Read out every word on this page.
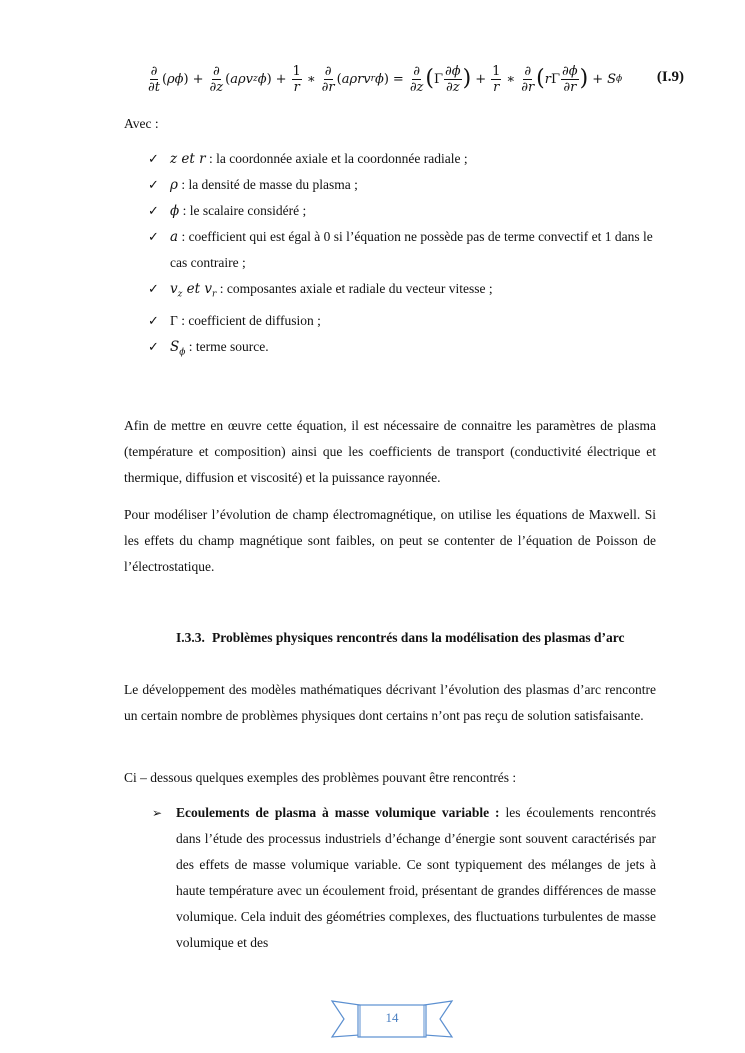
$\frac{\partial}{\partial t}$ ( ρϕ ) + $\frac{\partial}{\partial z}$ ( aρv z ϕ ) + $\frac{1}{r}$ ∗ $\frac{\partial}{\partial r}$ ( aρrv r ϕ ) = $\frac{\partial}{\partial z}$ ( Γ $\frac{\partial\phi}{\partial z}$ ) + $\frac{1}{r}$ ∗ $\frac{\partial}{\partial r}$ ( r Γ $\frac{\partial\phi}{\partial r}$ ) + S ϕ (I.9)
Avec :
✓ z et r : la coordonnée axiale et la coordonnée radiale ;
✓ ρ : la densité de masse du plasma ;
✓ ϕ : le scalaire considéré ;
✓ a : coefficient qui est égal à 0 si l’équation ne possède pas de terme convectif et 1 dans le cas contraire ;
✓ $v_z$ et $v_r$ : composantes axiale et radiale du vecteur vitesse ;
✓ Γ : coefficient de diffusion ;
✓ $S_\phi$ : terme source.

Afin de mettre en œuvre cette équation, il est nécessaire de connaitre les paramètres de plasma (température et composition) ainsi que les coefficients de transport (conductivité électrique et thermique, diffusion et viscosité) et la puissance rayonnée.

Pour modéliser l’évolution de champ électromagnétique, on utilise les équations de Maxwell. Si les effets du champ magnétique sont faibles, on peut se contenter de l’équation de Poisson de l’électrostatique.

I.3.3. Problèmes physiques rencontrés dans la modélisation des plasmas d’arc

Le développement des modèles mathématiques décrivant l’évolution des plasmas d’arc rencontre un certain nombre de problèmes physiques dont certains n’ont pas reçu de solution satisfaisante.

Ci – dessous quelques exemples des problèmes pouvant être rencontrés :

➢ Ecoulements de plasma à masse volumique variable : les écoulements rencontrés dans l’étude des processus industriels d’échange d’énergie sont souvent caractérisés par des effets de masse volumique variable. Ce sont typiquement des mélanges de jets à haute température avec un écoulement froid, présentant de grandes différences de masse volumique. Cela induit des géométries complexes, des fluctuations turbulentes de masse volumique et des
14
